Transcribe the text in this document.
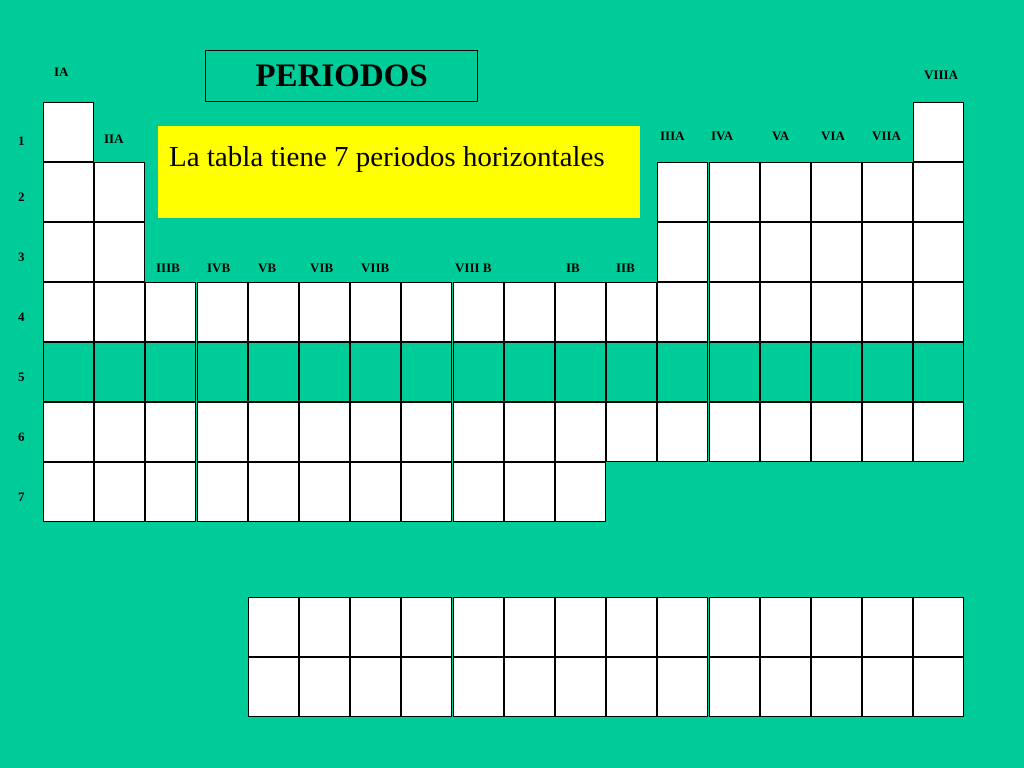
PERIODOS
IA
IIA
VIIIA
IIIA IVA	VA VIA VIIA
IIIB IVB VB	VIB VIIB	VIII B	IB	IIB
1
2
3
4
5
6
7
La tabla tiene 7 periodos horizontales
